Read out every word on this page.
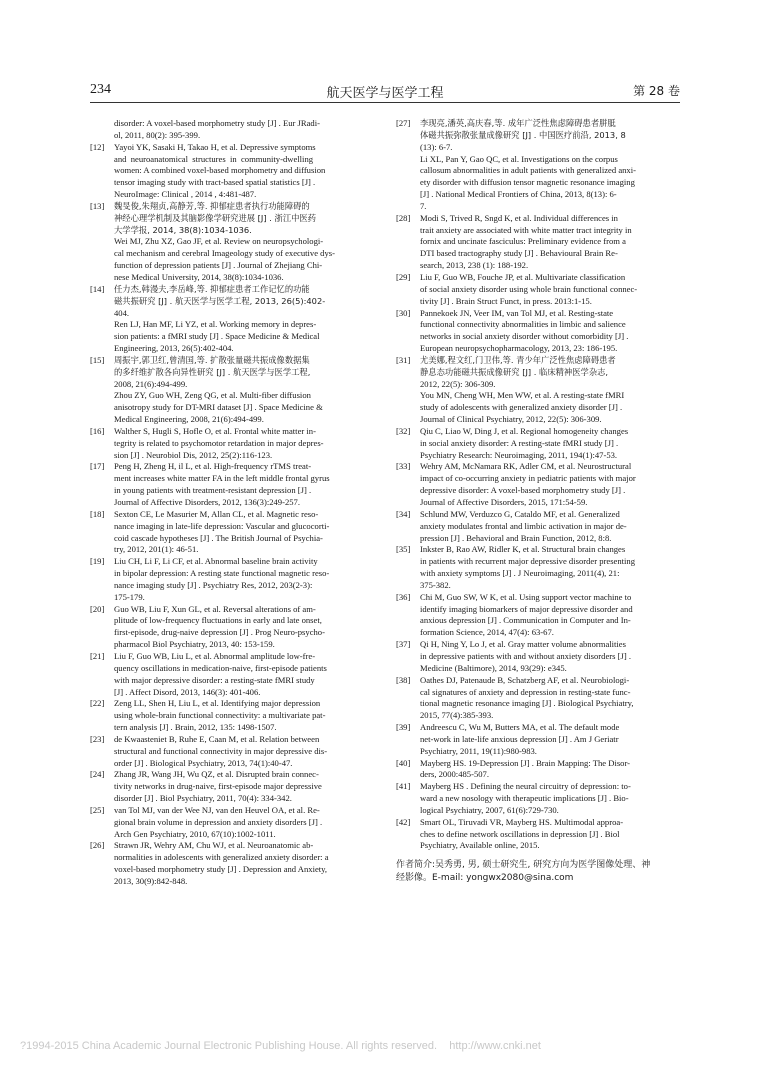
234	航天医学与医学工程	第 28 卷
disorder: A voxel-based morphometry study [J] . Eur JRadi-
ol, 2011, 80(2): 395-399.
[12] Yayoi YK, Sasaki H, Takao H, et al. Depressive symptoms
and  neuroanatomical  structures  in  community-dwelling
women: A combined voxel-based morphometry and diffusion
tensor imaging study with tract-based spatial statistics [J] .
NeuroImage: Clinical , 2014 , 4:481-487.
[13] 魏旻俊,朱翔贞,高静芳,等. 抑郁症患者执行功能障碍的
神经心理学机制及其脑影像学研究进展 [J] . 浙江中医药
大学学报, 2014, 38(8):1034-1036.
Wei MJ, Zhu XZ, Gao JF, et al. Review on neuropsychologi-
cal mechanism and cerebral Imageology study of executive dys-
function of depression patients [J] . Journal of Zhejiang Chi-
nese Medical University, 2014, 38(8):1034-1036.
[14] 任力杰,韩漫夫,李岳峰,等. 抑郁症患者工作记忆的功能
磁共振研究 [J] . 航天医学与医学工程, 2013, 26(5):402-
404.
Ren LJ, Han MF, Li YZ, et al. Working memory in depres-
sion patients: a fMRI study [J] . Space Medicine & Medical
Engineering, 2013, 26(5):402-404.
[15] 周振宇,郭卫红,曾清国,等. 扩散张量磁共振成像数据集
的多纤维扩散各向异性研究 [J] . 航天医学与医学工程,
2008, 21(6):494-499.
Zhou ZY, Guo WH, Zeng QG, et al. Multi-fiber diffusion
anisotropy study for DT-MRI dataset [J] . Space Medicine &
Medical Engineering, 2008, 21(6):494-499.
[16] Walther S, Hugli S, Hofle O, et al. Frontal white matter in-
tegrity is related to psychomotor retardation in major depres-
sion [J] . Neurobiol Dis, 2012, 25(2):116-123.
[17] Peng H, Zheng H, il L, et al. High-frequency rTMS treat-
ment increases white matter FA in the left middle frontal gyrus
in young patients with treatment-resistant depression [J] .
Journal of Affective Disorders, 2012, 136(3):249-257.
[18] Sexton CE, Le Masurier M, Allan CL, et al. Magnetic reso-
nance imaging in late-life depression: Vascular and glucocorti-
coid cascade hypotheses [J] . The British Journal of Psychia-
try, 2012, 201(1): 46-51.
[19] Liu CH, Li F, Li CF, et al. Abnormal baseline brain activity
in bipolar depression: A resting state functional magnetic reso-
nance imaging study [J] . Psychiatry Res, 2012, 203(2-3):
175-179.
[20] Guo WB, Liu F, Xun GL, et al. Reversal alterations of am-
plitude of low-frequency fluctuations in early and late onset,
first-episode, drug-naive depression [J] . Prog Neuro-psycho-
pharmacol Biol Psychiatry, 2013, 40: 153-159.
[21] Liu F, Guo WB, Liu L, et al. Abnormal amplitude low-fre-
quency oscillations in medication-naive, first-episode patients
with major depressive disorder: a resting-state fMRI study
[J] . Affect Disord, 2013, 146(3): 401-406.
[22] Zeng LL, Shen H, Liu L, et al. Identifying major depression
using whole-brain functional connectivity: a multivariate pat-
tern analysis [J] . Brain, 2012, 135: 1498-1507.
[23] de Kwaasteniet B, Ruhe E, Caan M, et al. Relation between
structural and functional connectivity in major depressive dis-
order [J] . Biological Psychiatry, 2013, 74(1):40-47.
[24] Zhang JR, Wang JH, Wu QZ, et al. Disrupted brain connec-
tivity networks in drug-naive, first-episode major depressive
disorder [J] . Biol Psychiatry, 2011, 70(4): 334-342.
[25] van Tol MJ, van der Wee NJ, van den Heuvel OA, et al. Re-
gional brain volume in depression and anxiety disorders [J] .
Arch Gen Psychiatry, 2010, 67(10):1002-1011.
[26] Strawn JR, Wehry AM, Chu WJ, et al. Neuroanatomic ab-
normalities in adolescents with generalized anxiety disorder: a
voxel-based morphometry study [J] . Depression and Anxiety,
2013, 30(9):842-848.
[27] 李现亮,潘英,高庆春,等. 成年广泛性焦虑障碍患者胼胝
体磁共振弥散张量成像研究 [J] . 中国医疗前沿, 2013, 8
(13): 6-7.
Li XL, Pan Y, Gao QC, et al. Investigations on the corpus
callosum abnormalities in adult patients with generalized anxi-
ety disorder with diffusion tensor magnetic resonance imaging
[J] . National Medical Frontiers of China, 2013, 8(13): 6-
7.
[28] Modi S, Trived R, Sngd K, et al. Individual differences in
trait anxiety are associated with white matter tract integrity in
fornix and uncinate fasciculus: Preliminary evidence from a
DTI based tractography study [J] . Behavioural Brain Re-
search, 2013, 238 (1): 188-192.
[29] Liu F, Guo WB, Fouche JP, et al. Multivariate classification
of social anxiety disorder using whole brain functional connec-
tivity [J] . Brain Struct Funct, in press. 2013:1-15.
[30] Pannekoek JN, Veer IM, van Tol MJ, et al. Resting-state
functional connectivity abnormalities in limbic and salience
networks in social anxiety disorder without comorbidity [J] .
European neuropsychopharmacology, 2013, 23: 186-195.
[31] 尤美娜,程文红,门卫伟,等. 青少年广泛性焦虑障碍患者
静息态功能磁共振成像研究 [J] . 临床精神医学杂志,
2012, 22(5): 306-309.
You MN, Cheng WH, Men WW, et al. A resting-state fMRI
study of adolescents with generalized anxiety disorder [J] .
Journal of Clinical Psychiatry, 2012, 22(5): 306-309.
[32] Qiu C, Liao W, Ding J, et al. Regional homogeneity changes
in social anxiety disorder: A resting-state fMRI study [J] .
Psychiatry Research: Neuroimaging, 2011, 194(1):47-53.
[33] Wehry AM, McNamara RK, Adler CM, et al. Neurostructural
impact of co-occurring anxiety in pediatric patients with major
depressive disorder: A voxel-based morphometry study [J] .
Journal of Affective Disorders, 2015, 171:54-59.
[34] Schlund MW, Verduzco G, Cataldo MF, et al. Generalized
anxiety modulates frontal and limbic activation in major de-
pression [J] . Behavioral and Brain Function, 2012, 8:8.
[35] Inkster B, Rao AW, Ridler K, et al. Structural brain changes
in patients with recurrent major depressive disorder presenting
with anxiety symptoms [J] . J Neuroimaging, 2011(4), 21:
375-382.
[36] Chi M, Guo SW, W K, et al. Using support vector machine to
identify imaging biomarkers of major depressive disorder and
anxious depression [J] . Communication in Computer and In-
formation Science, 2014, 47(4): 63-67.
[37] Qi H, Ning Y, Lo J, et al. Gray matter volume abnormalities
in depressive patients with and without anxiety disorders [J] .
Medicine (Baltimore), 2014, 93(29): e345.
[38] Oathes DJ, Patenaude B, Schatzberg AF, et al. Neurobiologi-
cal signatures of anxiety and depression in resting-state func-
tional magnetic resonance imaging [J] . Biological Psychiatry,
2015, 77(4):385-393.
[39] Andreescu C, Wu M, Butters MA, et al. The default mode
net-work in late-life anxious depression [J] . Am J Geriatr
Psychiatry, 2011, 19(11):980-983.
[40] Mayberg HS. 19-Depression [J] . Brain Mapping: The Disor-
ders, 2000:485-507.
[41] Mayberg HS . Defining the neural circuitry of depression: to-
ward a new nosology with therapeutic implications [J] . Bio-
logical Psychiatry, 2007, 61(6):729-730.
[42] Smart OL, Tiruvadi VR, Mayberg HS. Multimodal approa-
ches to define network oscillations in depression [J] . Biol
Psychiatry, Available online, 2015.
作者简介:吴秀勇, 男, 硕士研究生, 研究方向为医学图像处理、神
经影像。E-mail: yongwx2080@sina.com
?1994-2015 China Academic Journal Electronic Publishing House. All rights reserved.    http://www.cnki.net
